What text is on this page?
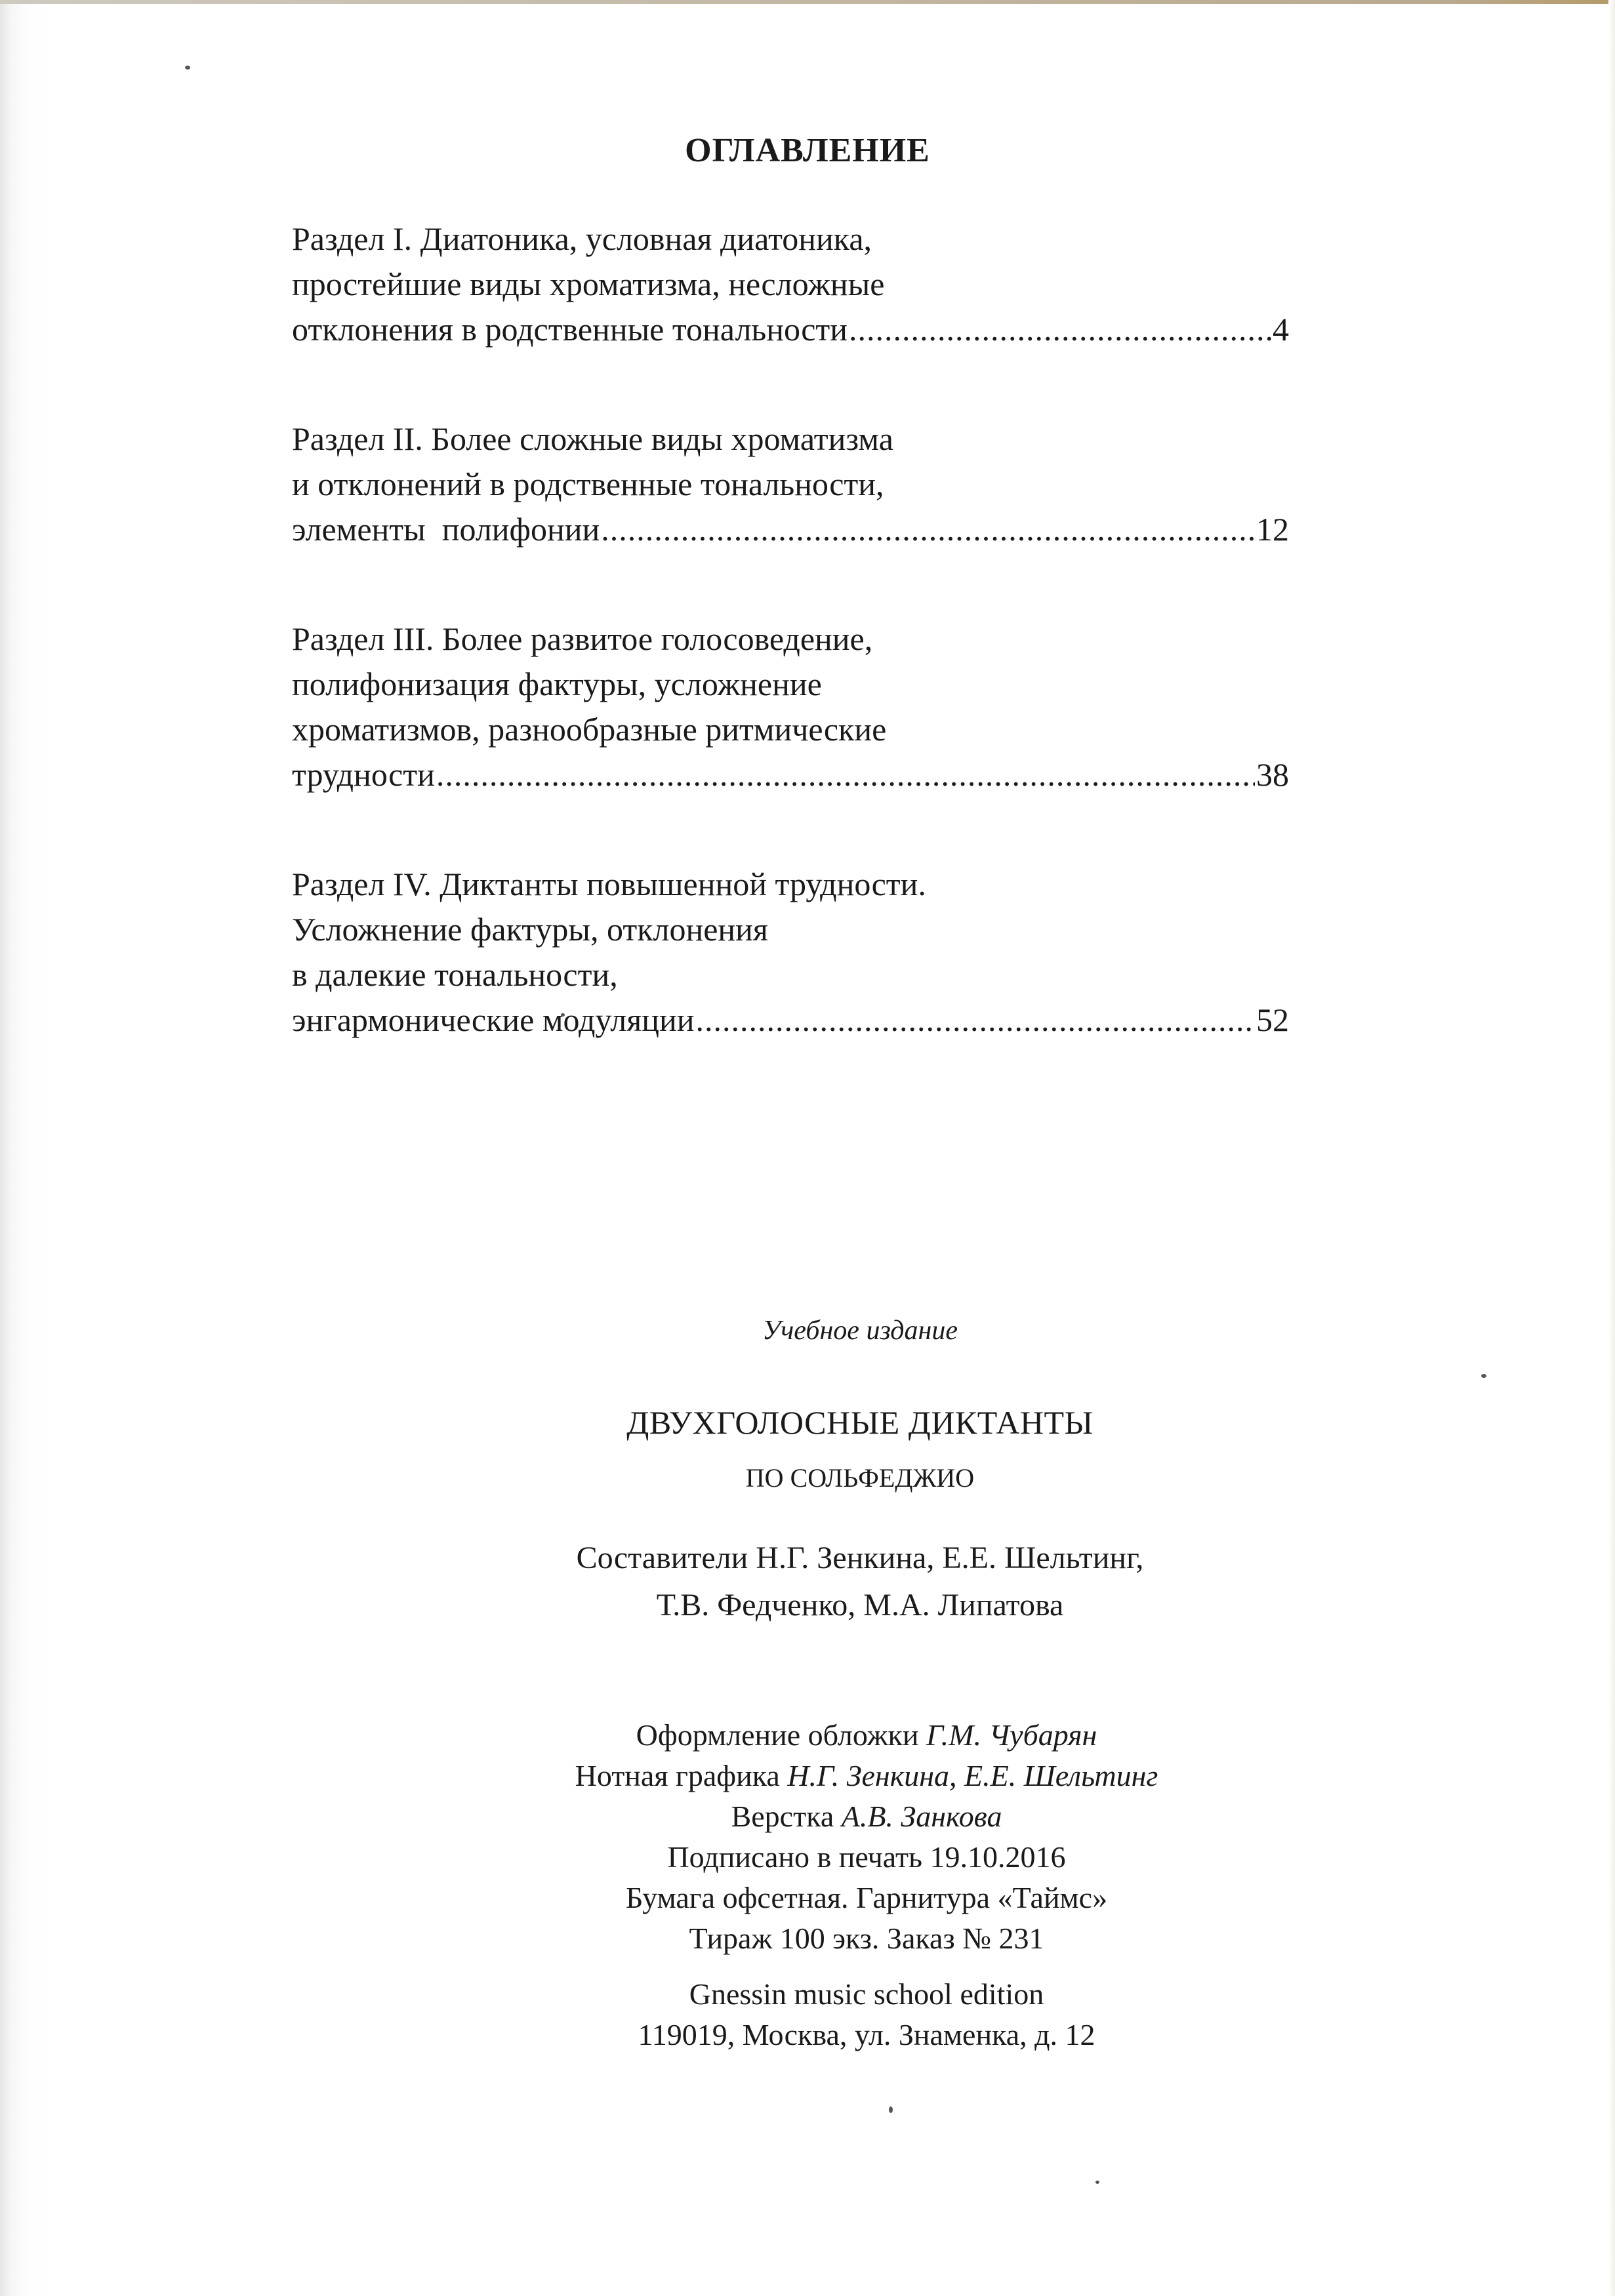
ОГЛАВЛЕНИЕ
Раздел I. Диатоника, условная диатоника,
простейшие виды хроматизма, несложные
отклонения в родственные тональности .....	4
Раздел II. Более сложные виды хроматизма
и отклонений в родственные тональности,
элементы  полифонии .....	12
Раздел III. Более развитое голосоведение,
полифонизация фактуры, усложнение
хроматизмов, разнообразные ритмические
трудности .....	38
Раздел IV. Диктанты повышенной трудности.
Усложнение фактуры, отклонения
в далекие тональности,
энгармонические модуляции .....	52
Учебное издание
ДВУХГОЛОСНЫЕ ДИКТАНТЫ
ПО СОЛЬФЕДЖИО
Составители Н.Г. Зенкина, Е.Е. Шельтинг,
Т.В. Федченко, М.А. Липатова
Оформление обложки Г.М. Чубарян
Нотная графика Н.Г. Зенкина, Е.Е. Шельтинг
Верстка А.В. Занкова
Подписано в печать 19.10.2016
Бумага офсетная. Гарнитура «Таймс»
Тираж 100 экз. Заказ № 231
Gnessin music school edition
119019, Москва, ул. Знаменка, д. 12
